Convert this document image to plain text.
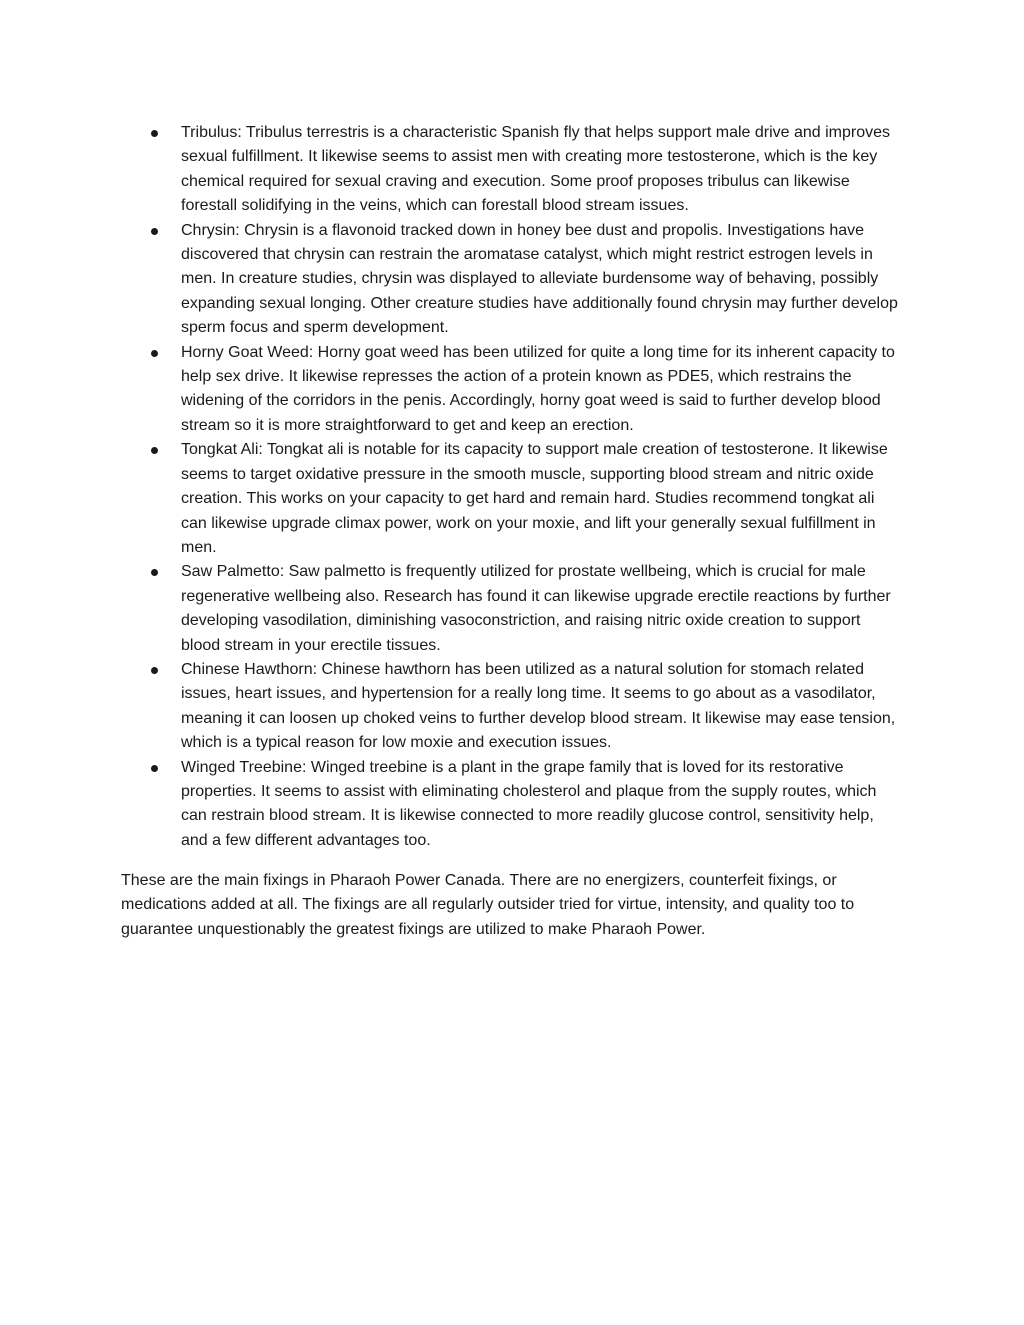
Tribulus: Tribulus terrestris is a characteristic Spanish fly that helps support male drive and improves sexual fulfillment. It likewise seems to assist men with creating more testosterone, which is the key chemical required for sexual craving and execution. Some proof proposes tribulus can likewise forestall solidifying in the veins, which can forestall blood stream issues.
Chrysin: Chrysin is a flavonoid tracked down in honey bee dust and propolis. Investigations have discovered that chrysin can restrain the aromatase catalyst, which might restrict estrogen levels in men. In creature studies, chrysin was displayed to alleviate burdensome way of behaving, possibly expanding sexual longing. Other creature studies have additionally found chrysin may further develop sperm focus and sperm development.
Horny Goat Weed: Horny goat weed has been utilized for quite a long time for its inherent capacity to help sex drive. It likewise represses the action of a protein known as PDE5, which restrains the widening of the corridors in the penis. Accordingly, horny goat weed is said to further develop blood stream so it is more straightforward to get and keep an erection.
Tongkat Ali: Tongkat ali is notable for its capacity to support male creation of testosterone. It likewise seems to target oxidative pressure in the smooth muscle, supporting blood stream and nitric oxide creation. This works on your capacity to get hard and remain hard. Studies recommend tongkat ali can likewise upgrade climax power, work on your moxie, and lift your generally sexual fulfillment in men.
Saw Palmetto: Saw palmetto is frequently utilized for prostate wellbeing, which is crucial for male regenerative wellbeing also. Research has found it can likewise upgrade erectile reactions by further developing vasodilation, diminishing vasoconstriction, and raising nitric oxide creation to support blood stream in your erectile tissues.
Chinese Hawthorn: Chinese hawthorn has been utilized as a natural solution for stomach related issues, heart issues, and hypertension for a really long time. It seems to go about as a vasodilator, meaning it can loosen up choked veins to further develop blood stream. It likewise may ease tension, which is a typical reason for low moxie and execution issues.
Winged Treebine: Winged treebine is a plant in the grape family that is loved for its restorative properties. It seems to assist with eliminating cholesterol and plaque from the supply routes, which can restrain blood stream. It is likewise connected to more readily glucose control, sensitivity help, and a few different advantages too.

These are the main fixings in Pharaoh Power Canada. There are no energizers, counterfeit fixings, or medications added at all. The fixings are all regularly outsider tried for virtue, intensity, and quality too to guarantee unquestionably the greatest fixings are utilized to make Pharaoh Power.
